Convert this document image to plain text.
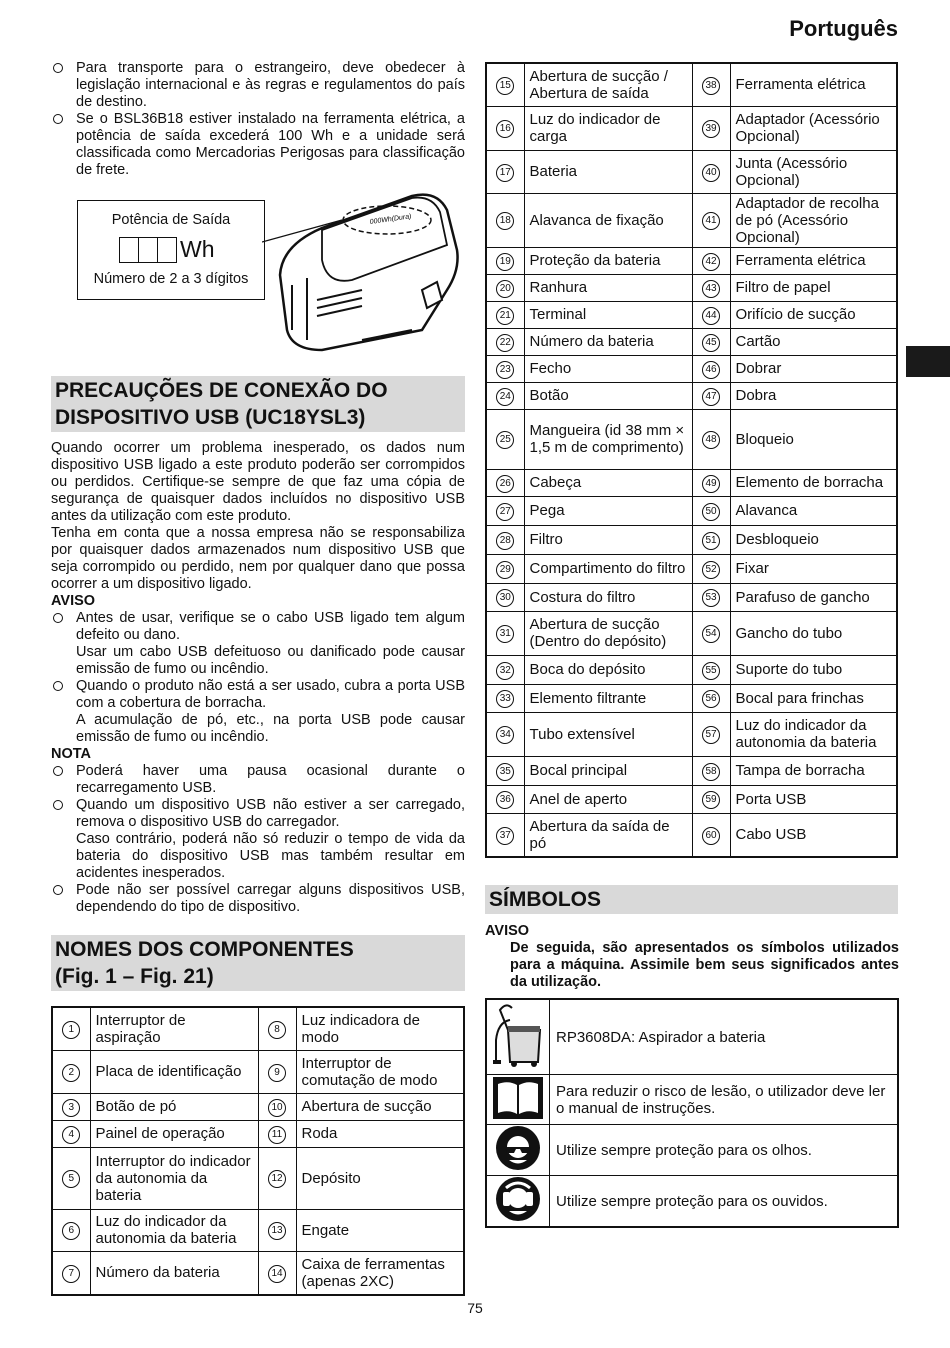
Português
Para transporte para o estrangeiro, deve obedecer à legislação internacional e às regras e regulamentos do país de destino.
Se o BSL36B18 estiver instalado na ferramenta elétrica, a potência de saída excederá 100 Wh e a unidade será classificada como Mercadorias Perigosas para classificação de frete.
Potência de Saída
Wh
Número de 2 a 3 dígitos
000Wh(Dura)
PRECAUÇÕES DE CONEXÃO DO DISPOSITIVO USB (UC18YSL3)
Quando ocorrer um problema inesperado, os dados num dispositivo USB ligado a este produto poderão ser corrompidos ou perdidos. Certifique-se sempre de que faz uma cópia de segurança de quaisquer dados incluídos no dispositivo USB antes da utilização com este produto.
Tenha em conta que a nossa empresa não se responsabiliza por quaisquer dados armazenados num dispositivo USB que seja corrompido ou perdido, nem por qualquer dano que possa ocorrer a um dispositivo ligado.
AVISO
Antes de usar, verifique se o cabo USB ligado tem algum defeito ou dano.
Usar um cabo USB defeituoso ou danificado pode causar emissão de fumo ou incêndio.
Quando o produto não está a ser usado, cubra a porta USB com a cobertura de borracha.
A acumulação de pó, etc., na porta USB pode causar emissão de fumo ou incêndio.
NOTA
Poderá haver uma pausa ocasional durante o recarregamento USB.
Quando um dispositivo USB não estiver a ser carregado, remova o dispositivo USB do carregador.
Caso contrário, poderá não só reduzir o tempo de vida da bateria do dispositivo USB mas também resultar em acidentes inesperados.
Pode não ser possível carregar alguns dispositivos USB, dependendo do tipo de dispositivo.
NOMES DOS COMPONENTES
(Fig. 1 – Fig. 21)
1	Interruptor de aspiração	8	Luz indicadora de modo
2	Placa de identificação	9	Interruptor de comutação de modo
3	Botão de pó	10	Abertura de sucção
4	Painel de operação	11	Roda
5	Interruptor do indicador da autonomia da bateria	12	Depósito
6	Luz do indicador da autonomia da bateria	13	Engate
7	Número da bateria	14	Caixa de ferramentas (apenas 2XC)
15	Abertura de sucção / Abertura de saída	38	Ferramenta elétrica
16	Luz do indicador de carga	39	Adaptador (Acessório Opcional)
17	Bateria	40	Junta (Acessório Opcional)
18	Alavanca de fixação	41	Adaptador de recolha de pó (Acessório Opcional)
19	Proteção da bateria	42	Ferramenta elétrica
20	Ranhura	43	Filtro de papel
21	Terminal	44	Orifício de sucção
22	Número da bateria	45	Cartão
23	Fecho	46	Dobrar
24	Botão	47	Dobra
25	Mangueira (id 38 mm × 1,5 m de comprimento)	48	Bloqueio
26	Cabeça	49	Elemento de borracha
27	Pega	50	Alavanca
28	Filtro	51	Desbloqueio
29	Compartimento do filtro	52	Fixar
30	Costura do filtro	53	Parafuso de gancho
31	Abertura de sucção (Dentro do depósito)	54	Gancho do tubo
32	Boca do depósito	55	Suporte do tubo
33	Elemento filtrante	56	Bocal para frinchas
34	Tubo extensível	57	Luz do indicador da autonomia da bateria
35	Bocal principal	58	Tampa de borracha
36	Anel de aperto	59	Porta USB
37	Abertura da saída de pó	60	Cabo USB
SÍMBOLOS
AVISO
De seguida, são apresentados os símbolos utilizados para a máquina. Assimile bem seus significados antes da utilização.
	RP3608DA: Aspirador a bateria
	Para reduzir o risco de lesão, o utilizador deve ler o manual de instruções.
	Utilize sempre proteção para os olhos.
	Utilize sempre proteção para os ouvidos.
75
